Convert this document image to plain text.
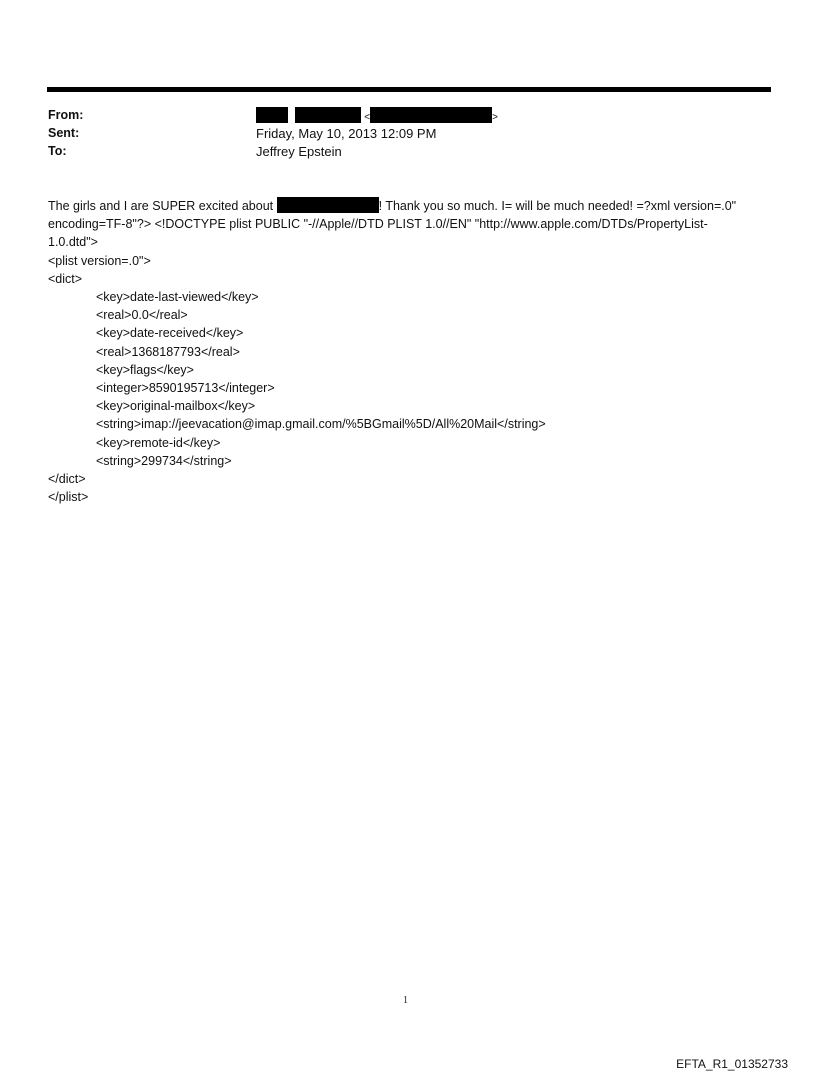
From:	<	>
Sent:	Friday, May 10, 2013 12:09 PM
To:	Jeffrey Epstein
The girls and I are SUPER excited about	! Thank you so much. I= will be much needed! =?xml version=.0"
encoding=TF-8"?> <!DOCTYPE plist PUBLIC "-//Apple//DTD PLIST 1.0//EN" "http://www.apple.com/DTDs/PropertyList-
1.0.dtd">
<plist version=.0">
<dict>
<key>date-last-viewed</key>
<real>0.0</real>
<key>date-received</key>
<real>1368187793</real>
<key>flags</key>
<integer>8590195713</integer>
<key>original-mailbox</key>
<string>imap://jeevacation@imap.gmail.com/%5BGmail%5D/All%20Mail</string>
<key>remote-id</key>
<string>299734</string>
</dict>
</plist>
1
EFTA_R1_01352733
